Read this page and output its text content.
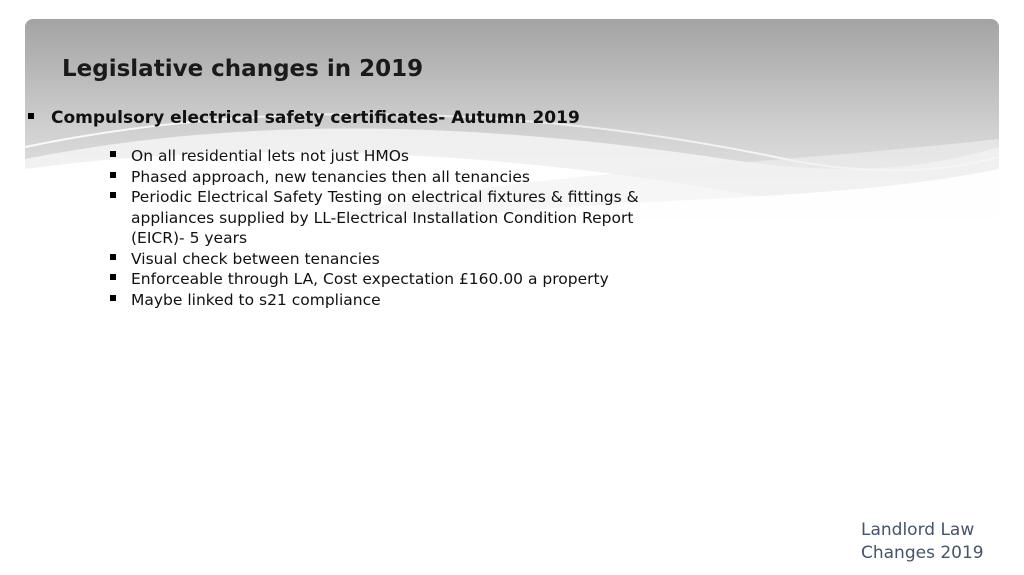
Legislative changes in 2019
Compulsory electrical safety certificates- Autumn 2019
On all residential lets not just HMOs
Phased approach, new tenancies then all tenancies
Periodic Electrical Safety Testing on electrical fixtures & fittings & appliances supplied by LL-Electrical Installation Condition Report (EICR)- 5 years
Visual check between tenancies
Enforceable through LA, Cost expectation £160.00 a property
Maybe linked to s21 compliance
Landlord Law Changes 2019
